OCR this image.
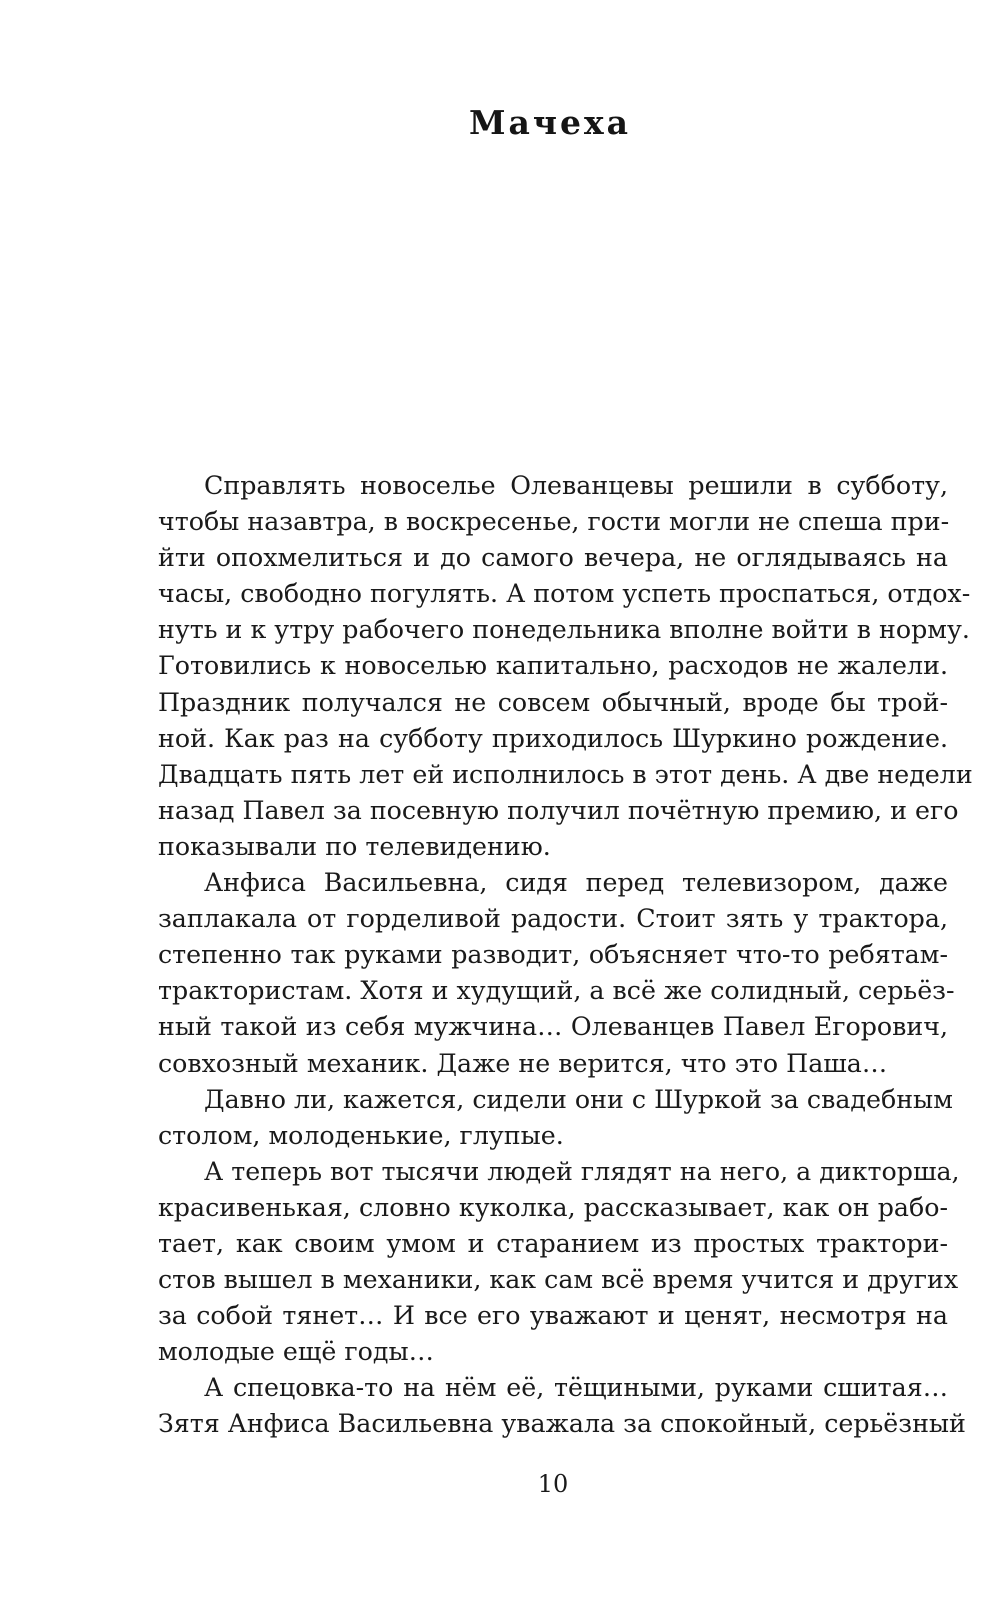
Мачеха
Справлять новоселье Олеванцевы решили в субботу,
чтобы назавтра, в воскресенье, гости могли не спеша при-
йти опохмелиться и до самого вечера, не оглядываясь на
часы, свободно погулять. А потом успеть проспаться, отдох-
нуть и к утру рабочего понедельника вполне войти в норму.
Готовились к новоселью капитально, расходов не жалели.
Праздник получался не совсем обычный, вроде бы трой-
ной. Как раз на субботу приходилось Шуркино рождение.
Двадцать пять лет ей исполнилось в этот день. А две недели
назад Павел за посевную получил почётную премию, и его
показывали по телевидению.
Анфиса Васильевна, сидя перед телевизором, даже
заплакала от горделивой радости. Стоит зять у трактора,
степенно так руками разводит, объясняет что-то ребятам-
трактористам. Хотя и худущий, а всё же солидный, серьёз-
ный такой из себя мужчина… Олеванцев Павел Егорович,
совхозный механик. Даже не верится, что это Паша…
Давно ли, кажется, сидели они с Шуркой за свадебным
столом, молоденькие, глупые.
А теперь вот тысячи людей глядят на него, а дикторша,
красивенькая, словно куколка, рассказывает, как он рабо-
тает, как своим умом и старанием из простых трактори-
стов вышел в механики, как сам всё время учится и других
за собой тянет… И все его уважают и ценят, несмотря на
молодые ещё годы…
А спецовка-то на нём её, тёщиными, руками сшитая…
Зятя Анфиса Васильевна уважала за спокойный, серьёзный
10
